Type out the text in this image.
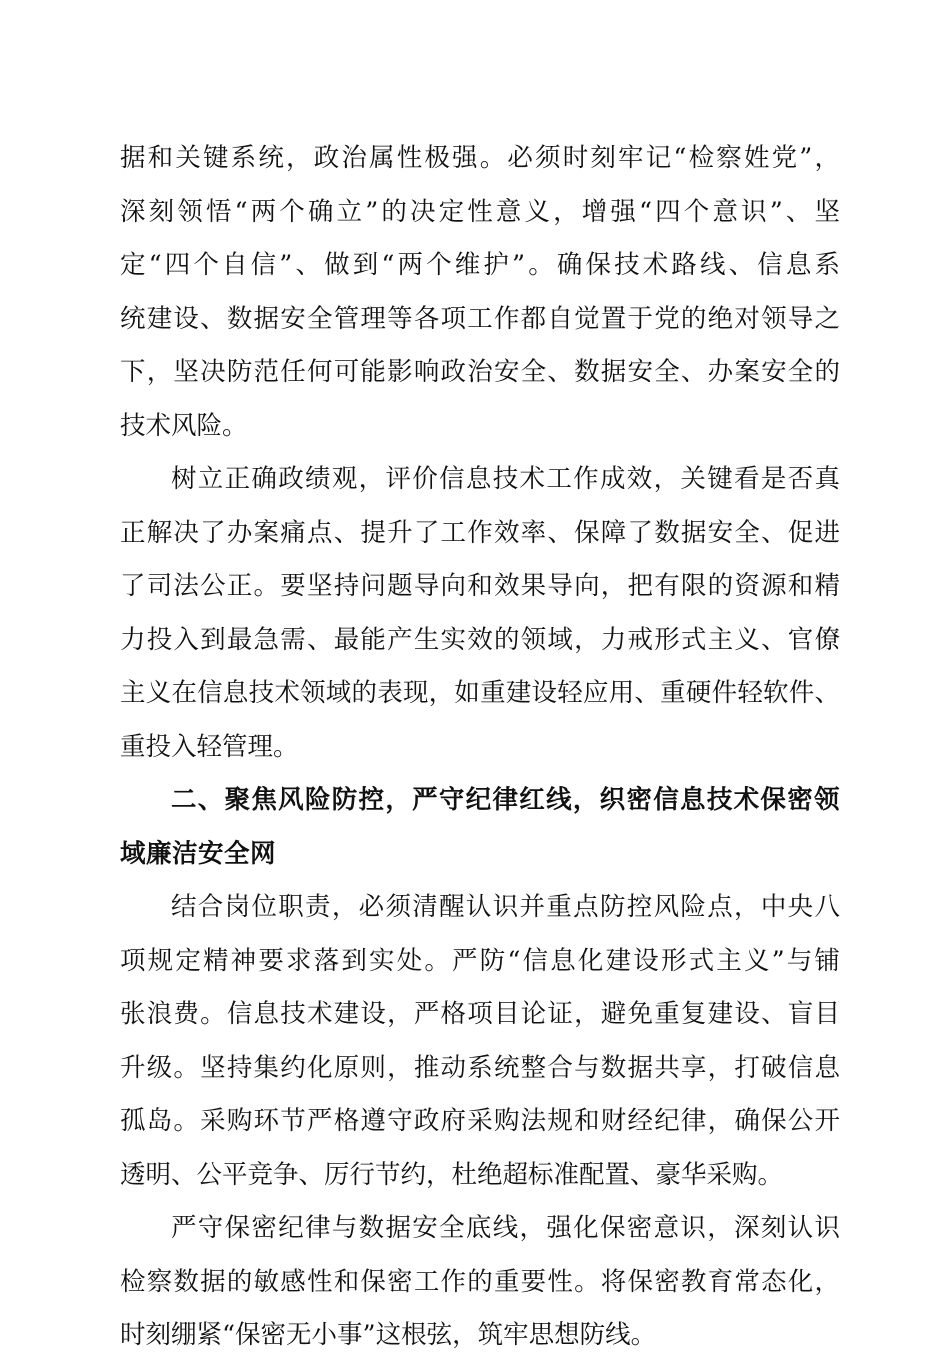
据和关键系统，政治属性极强。必须时刻牢记“检察姓党”，
深刻领悟“两个确立”的决定性意义，增强“四个意识”、坚
定“四个自信”、做到“两个维护”。确保技术路线、信息系
统建设、数据安全管理等各项工作都自觉置于党的绝对领导之
下，坚决防范任何可能影响政治安全、数据安全、办案安全的
技术风险。
树立正确政绩观，评价信息技术工作成效，关键看是否真
正解决了办案痛点、提升了工作效率、保障了数据安全、促进
了司法公正。要坚持问题导向和效果导向，把有限的资源和精
力投入到最急需、最能产生实效的领域，力戒形式主义、官僚
主义在信息技术领域的表现，如重建设轻应用、重硬件轻软件、
重投入轻管理。
二、聚焦风险防控，严守纪律红线，织密信息技术保密领
域廉洁安全网
结合岗位职责，必须清醒认识并重点防控风险点，中央八
项规定精神要求落到实处。严防“信息化建设形式主义”与铺
张浪费。信息技术建设，严格项目论证，避免重复建设、盲目
升级。坚持集约化原则，推动系统整合与数据共享，打破信息
孤岛。采购环节严格遵守政府采购法规和财经纪律，确保公开
透明、公平竞争、厉行节约，杜绝超标准配置、豪华采购。
严守保密纪律与数据安全底线，强化保密意识，深刻认识
检察数据的敏感性和保密工作的重要性。将保密教育常态化，
时刻绷紧“保密无小事”这根弦，筑牢思想防线。
